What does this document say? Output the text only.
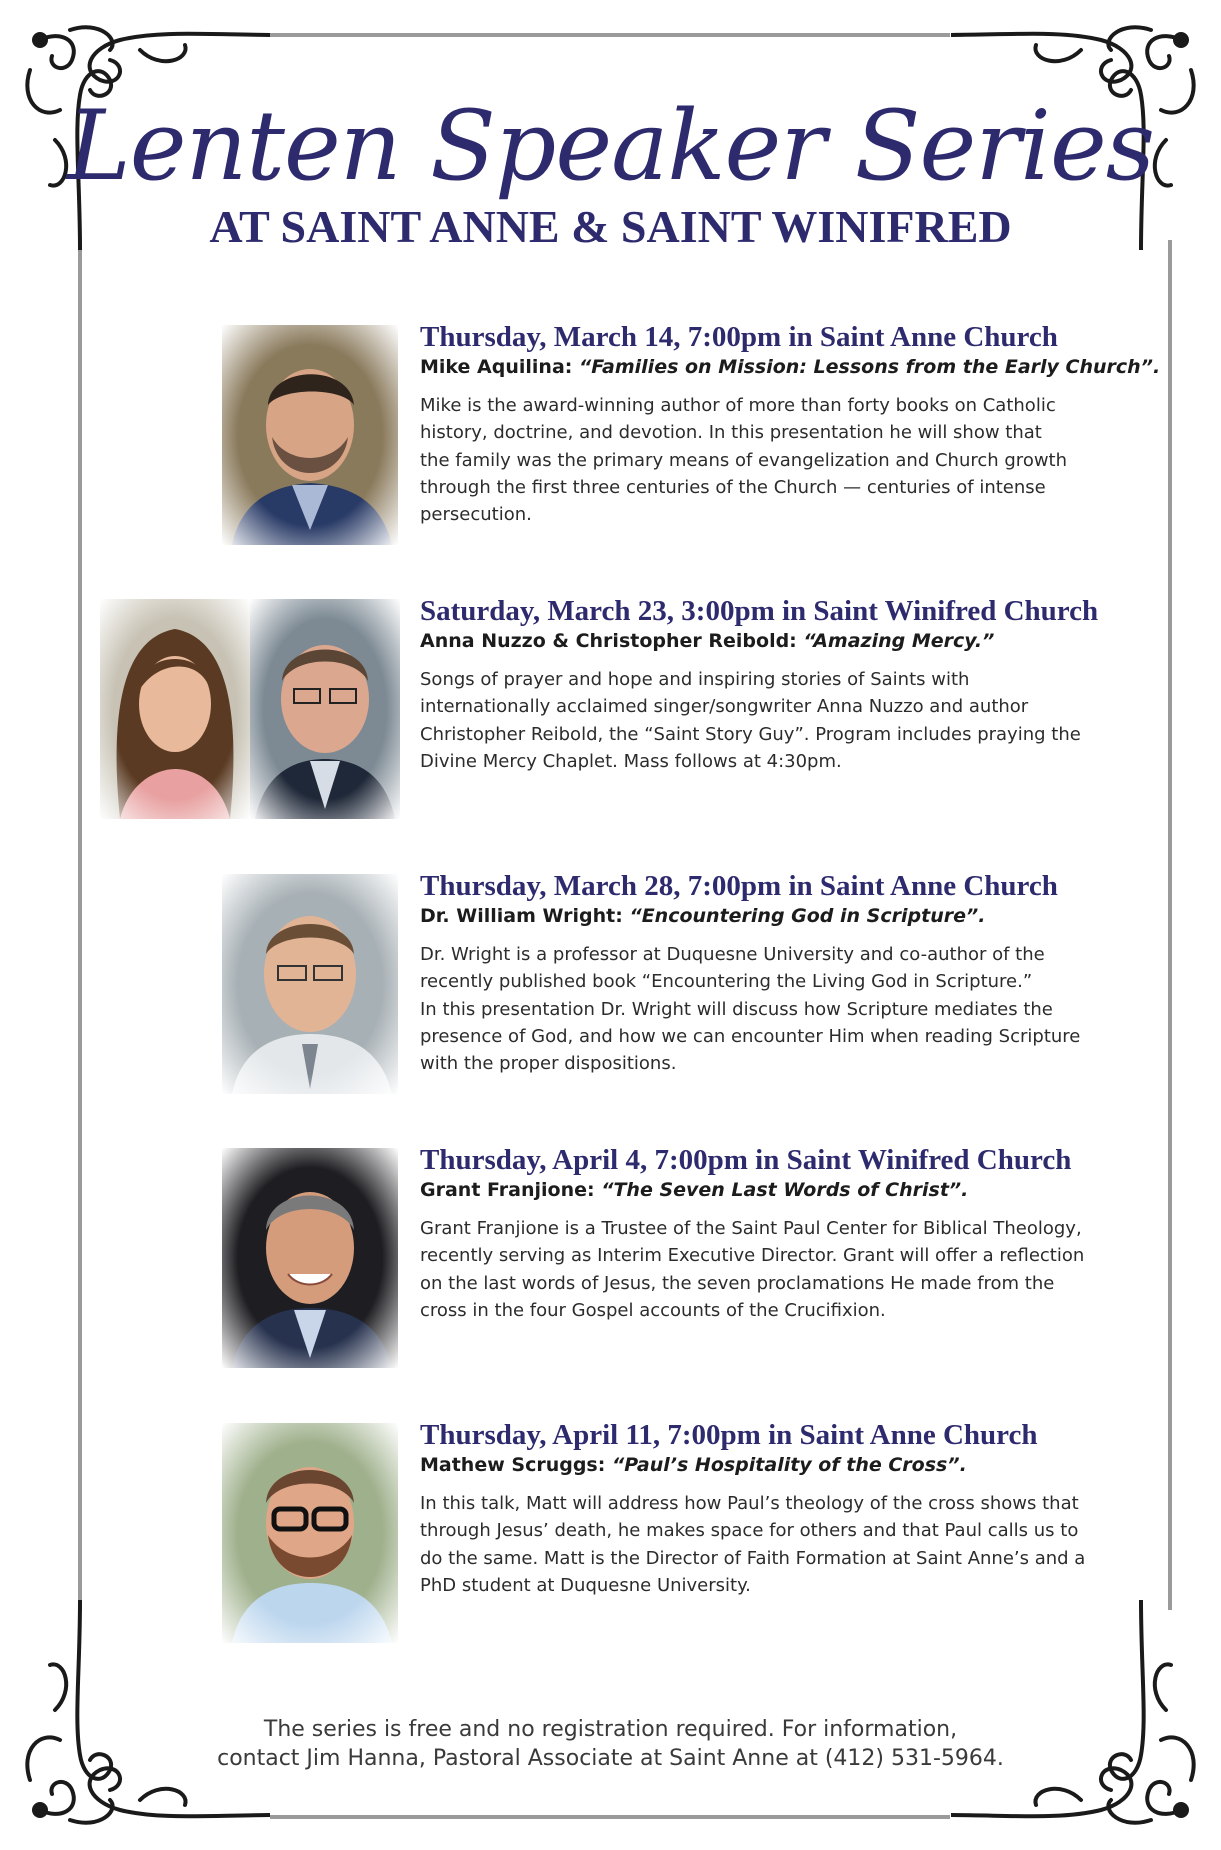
Lenten Speaker Series
AT SAINT ANNE & SAINT WINIFRED
Thursday, March 14, 7:00pm in Saint Anne Church
Mike Aquilina: “Families on Mission: Lessons from the Early Church”.
Mike is the award-winning author of more than forty books on Catholic
history, doctrine, and devotion. In this presentation he will show that
the family was the primary means of evangelization and Church growth
through the first three centuries of the Church — centuries of intense
persecution.
Saturday, March 23, 3:00pm in Saint Winifred Church
Anna Nuzzo & Christopher Reibold: “Amazing Mercy.”
Songs of prayer and hope and inspiring stories of Saints with
internationally acclaimed singer/songwriter Anna Nuzzo and author
Christopher Reibold, the “Saint Story Guy”. Program includes praying the
Divine Mercy Chaplet. Mass follows at 4:30pm.
Thursday, March 28, 7:00pm in Saint Anne Church
Dr. William Wright: “Encountering God in Scripture”.
Dr. Wright is a professor at Duquesne University and co-author of the
recently published book “Encountering the Living God in Scripture.”
In this presentation Dr. Wright will discuss how Scripture mediates the
presence of God, and how we can encounter Him when reading Scripture
with the proper dispositions.
Thursday, April 4, 7:00pm in Saint Winifred Church
Grant Franjione: “The Seven Last Words of Christ”.
Grant Franjione is a Trustee of the Saint Paul Center for Biblical Theology,
recently serving as Interim Executive Director. Grant will offer a reflection
on the last words of Jesus, the seven proclamations He made from the
cross in the four Gospel accounts of the Crucifixion.
Thursday, April 11, 7:00pm in Saint Anne Church
Mathew Scruggs: “Paul’s Hospitality of the Cross”.
In this talk, Matt will address how Paul’s theology of the cross shows that
through Jesus’ death, he makes space for others and that Paul calls us to
do the same. Matt is the Director of Faith Formation at Saint Anne’s and a
PhD student at Duquesne University.
The series is free and no registration required. For information,
contact Jim Hanna, Pastoral Associate at Saint Anne at (412) 531-5964.
